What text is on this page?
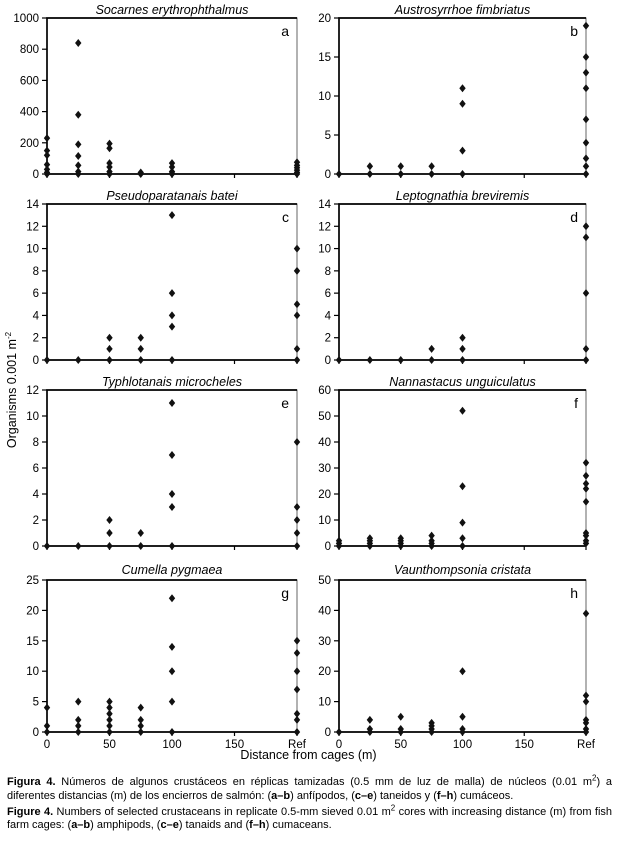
Socarnes erythrophthalmus
0
200
400
600
800
1000
a
Austrosyrrhoe fimbriatus
0
5
10
15
20
b
Pseudoparatanais batei
0
2
4
6
8
10
12
14
c
Leptognathia breviremis
0
2
4
6
8
10
12
14
d
Typhlotanais microcheles
0
2
4
6
8
10
12
e
Nannastacus unguiculatus
0
10
20
30
40
50
60
f
Cumella pygmaea
0
5
10
15
20
25
0	50	100	150	Ref
g
Vaunthompsonia cristata
0
10
20
30
40
50
0	50	100	150	Ref
h
Organisms 0.001 $m^{-2}$
Distance from cages (m)

Figura 4. Números de algunos crustáceos en réplicas tamizadas (0.5 mm de luz de malla) de núcleos (0.01 $m^2$) a diferentes distancias (m) de los encierros de salmón: (a–b) anfípodos, (c–e) taneidos y (f–h) cumáceos.

Figure 4. Numbers of selected crustaceans in replicate 0.5-mm sieved 0.01 $m^2$ cores with increasing distance (m) from fish farm cages: (a–b) amphipods, (c–e) tanaids and (f–h) cumaceans.
